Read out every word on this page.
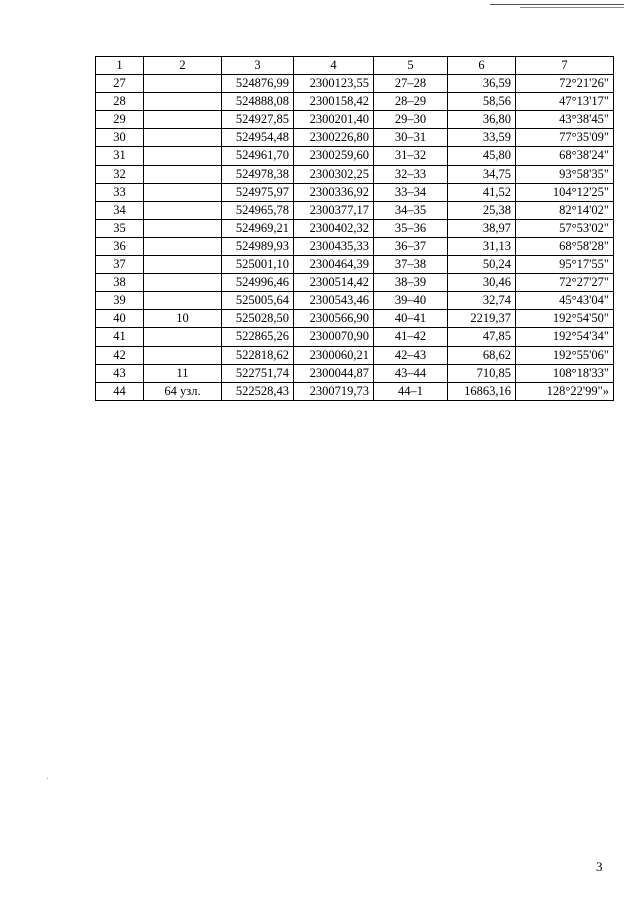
1	2	3	4	5	6	7
27		524876,99	2300123,55	27–28	36,59	72°21'26"
28		524888,08	2300158,42	28–29	58,56	47°13'17"
29		524927,85	2300201,40	29–30	36,80	43°38'45"
30		524954,48	2300226,80	30–31	33,59	77°35'09"
31		524961,70	2300259,60	31–32	45,80	68°38'24"
32		524978,38	2300302,25	32–33	34,75	93°58'35"
33		524975,97	2300336,92	33–34	41,52	104°12'25"
34		524965,78	2300377,17	34–35	25,38	82°14'02"
35		524969,21	2300402,32	35–36	38,97	57°53'02"
36		524989,93	2300435,33	36–37	31,13	68°58'28"
37		525001,10	2300464,39	37–38	50,24	95°17'55"
38		524996,46	2300514,42	38–39	30,46	72°27'27"
39		525005,64	2300543,46	39–40	32,74	45°43'04"
40	10	525028,50	2300566,90	40–41	2219,37	192°54'50"
41		522865,26	2300070,90	41–42	47,85	192°54'34"
42		522818,62	2300060,21	42–43	68,62	192°55'06"
43	11	522751,74	2300044,87	43–44	710,85	108°18'33"
44	64 узл.	522528,43	2300719,73	44–1	16863,16	128°22'99"»
3
